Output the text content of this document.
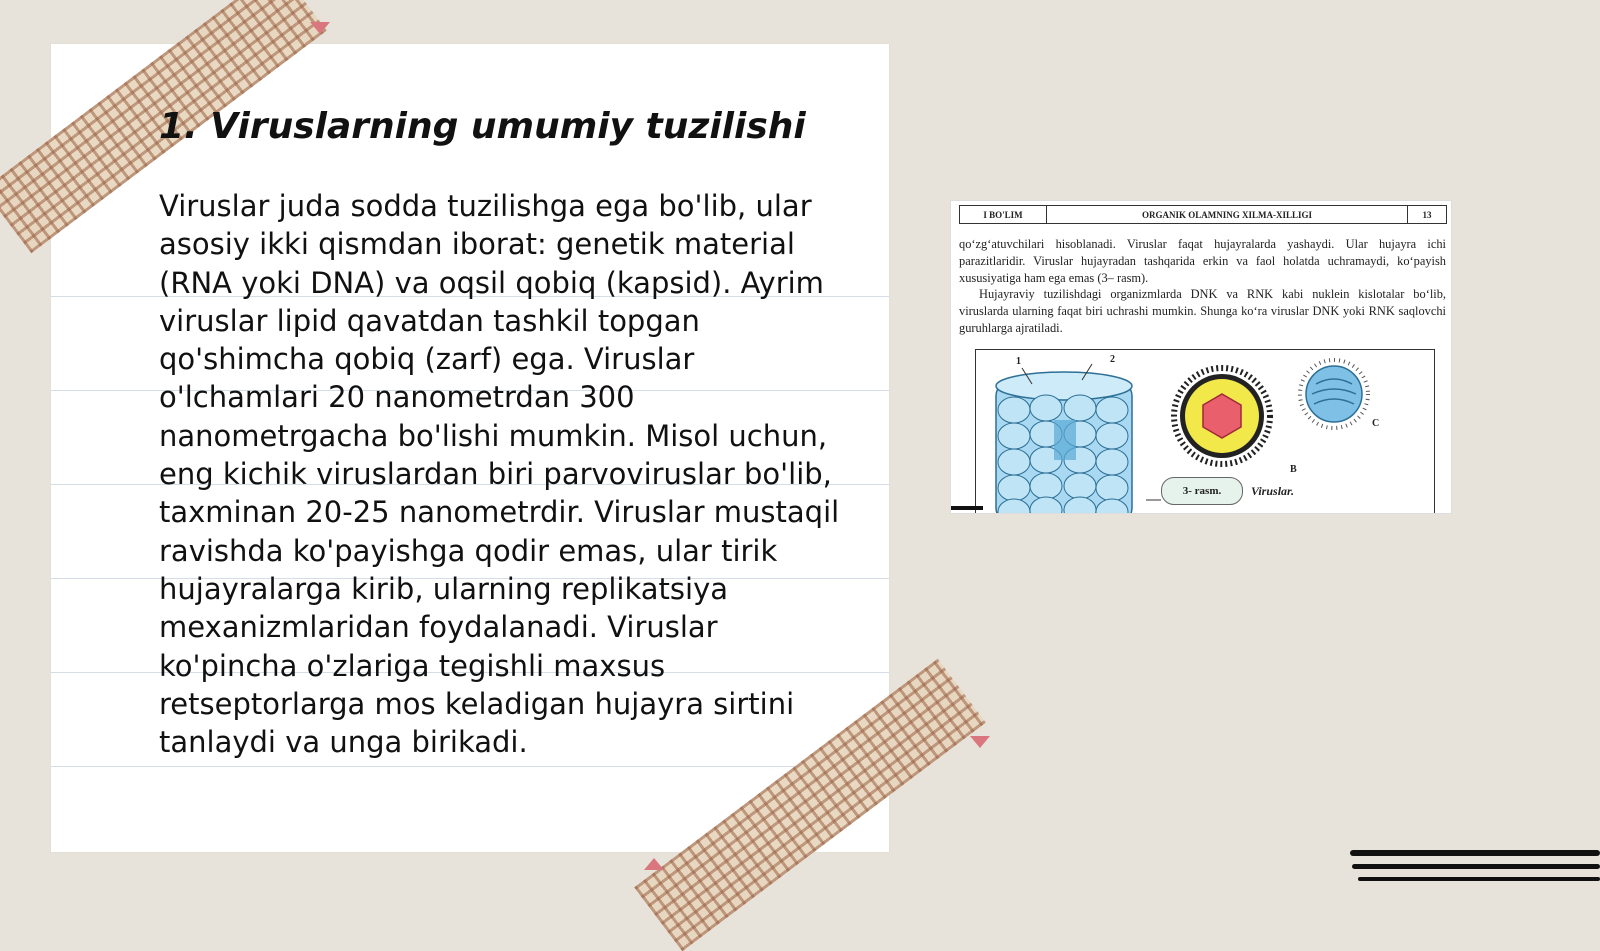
1. Viruslarning umumiy tuzilishi
Viruslar juda sodda tuzilishga ega bo'lib, ular asosiy ikki qismdan iborat: genetik material (RNA yoki DNA) va oqsil qobiq (kapsid). Ayrim viruslar lipid qavatdan tashkil topgan qo'shimcha qobiq (zarf) ega. Viruslar o'lchamlari 20 nanometrdan 300 nanometrgacha bo'lishi mumkin. Misol uchun, eng kichik viruslardan biri parvoviruslar bo'lib, taxminan 20-25 nanometrdir. Viruslar mustaqil ravishda ko'payishga qodir emas, ular tirik hujayralarga kirib, ularning replikatsiya mexanizmlaridan foydalanadi. Viruslar ko'pincha o'zlariga tegishli maxsus retseptorlarga mos keladigan hujayra sirtini tanlaydi va unga birikadi.
I BO'LIM	ORGANIK OLAMNING XILMA-XILLIGI	13
qo‘zg‘atuvchilari hisoblanadi. Viruslar faqat hujayralarda yashaydi. Ular hujayra ichi parazitlaridir. Viruslar hujayradan tashqarida erkin va faol holatda uchramaydi, ko‘payish xususiyatiga ham ega emas (3– rasm).
Hujayraviy tuzilishdagi organizmlarda DNK va RNK kabi nuklein kislotalar bo‘lib, viruslarda ularning faqat biri uchrashi mumkin. Shunga ko‘ra viruslar DNK yoki RNK saqlovchi guruhlarga ajratiladi.
1	2
B
C
3- rasm.	Viruslar.
